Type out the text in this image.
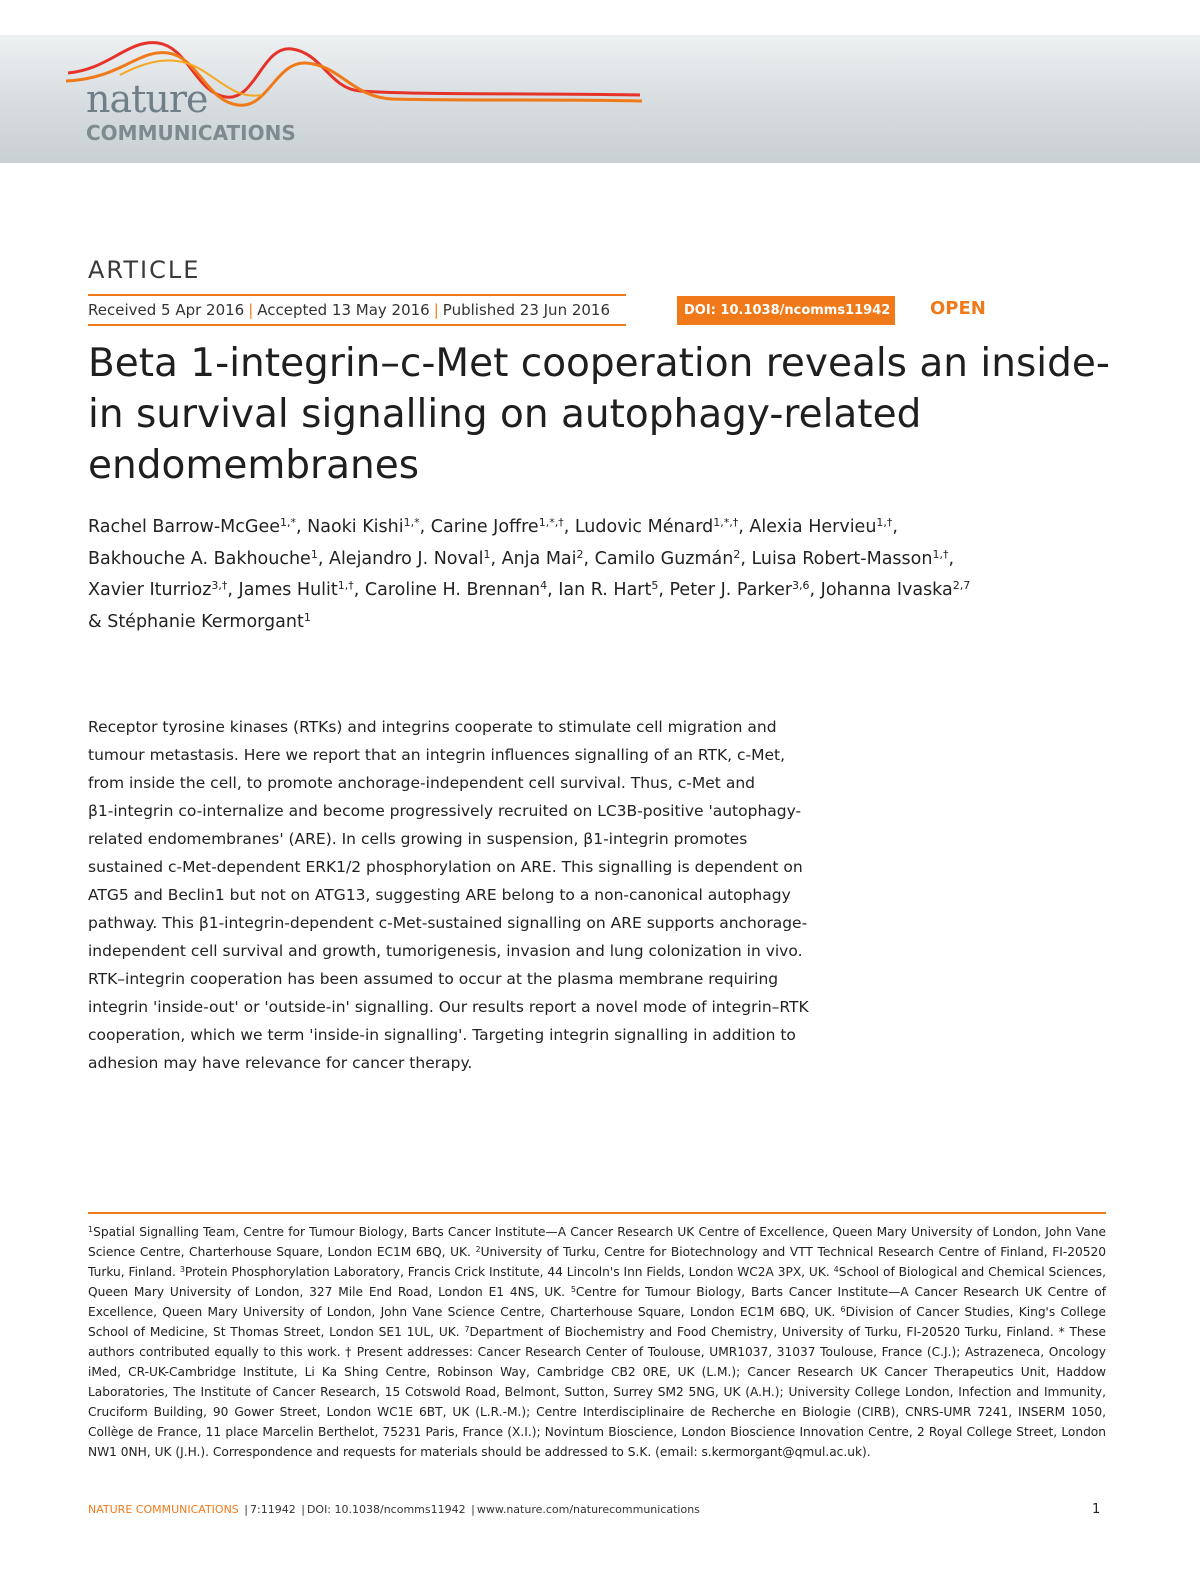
nature
COMMUNICATIONS
ARTICLE
Received 5 Apr 2016 | Accepted 13 May 2016 | Published 23 Jun 2016	DOI: 10.1038/ncomms11942 OPEN
Beta 1-integrin–c-Met cooperation reveals an inside-in survival signalling on autophagy-related endomembranes
Rachel Barrow-McGee$^{1,*}$, Naoki Kishi$^{1,*}$, Carine Joffre$^{1,*,\dagger}$, Ludovic Ménard$^{1,*,\dagger}$, Alexia Hervieu$^{1,\dagger}$,
Bakhouche A. Bakhouche$^1$, Alejandro J. Noval$^1$, Anja Mai$^2$, Camilo Guzmán$^2$, Luisa Robert-Masson$^{1,\dagger}$,
Xavier Iturrioz$^{3,\dagger}$, James Hulit$^{1,\dagger}$, Caroline H. Brennan$^4$, Ian R. Hart$^5$, Peter J. Parker$^{3,6}$, Johanna Ivaska$^{2,7}$
& Stéphanie Kermorgant$^1$
Receptor tyrosine kinases (RTKs) and integrins cooperate to stimulate cell migration and
tumour metastasis. Here we report that an integrin influences signalling of an RTK, c-Met,
from inside the cell, to promote anchorage-independent cell survival. Thus, c-Met and
β1-integrin co-internalize and become progressively recruited on LC3B-positive 'autophagy-
related endomembranes' (ARE). In cells growing in suspension, β1-integrin promotes
sustained c-Met-dependent ERK1/2 phosphorylation on ARE. This signalling is dependent on
ATG5 and Beclin1 but not on ATG13, suggesting ARE belong to a non-canonical autophagy
pathway. This β1-integrin-dependent c-Met-sustained signalling on ARE supports anchorage-
independent cell survival and growth, tumorigenesis, invasion and lung colonization in vivo.
RTK–integrin cooperation has been assumed to occur at the plasma membrane requiring
integrin 'inside-out' or 'outside-in' signalling. Our results report a novel mode of integrin–RTK
cooperation, which we term 'inside-in signalling'. Targeting integrin signalling in addition to
adhesion may have relevance for cancer therapy.
$^1$Spatial Signalling Team, Centre for Tumour Biology, Barts Cancer Institute—A Cancer Research UK Centre of Excellence, Queen Mary University of London, John Vane Science Centre, Charterhouse Square, London EC1M 6BQ, UK. $^2$University of Turku, Centre for Biotechnology and VTT Technical Research Centre of Finland, FI-20520 Turku, Finland. $^3$Protein Phosphorylation Laboratory, Francis Crick Institute, 44 Lincoln's Inn Fields, London WC2A 3PX, UK. $^4$School of Biological and Chemical Sciences, Queen Mary University of London, 327 Mile End Road, London E1 4NS, UK. $^5$Centre for Tumour Biology, Barts Cancer Institute—A Cancer Research UK Centre of Excellence, Queen Mary University of London, John Vane Science Centre, Charterhouse Square, London EC1M 6BQ, UK. $^6$Division of Cancer Studies, King's College School of Medicine, St Thomas Street, London SE1 1UL, UK. $^7$Department of Biochemistry and Food Chemistry, University of Turku, FI-20520 Turku, Finland. * These authors contributed equally to this work. † Present addresses: Cancer Research Center of Toulouse, UMR1037, 31037 Toulouse, France (C.J.); Astrazeneca, Oncology iMed, CR-UK-Cambridge Institute, Li Ka Shing Centre, Robinson Way, Cambridge CB2 0RE, UK (L.M.); Cancer Research UK Cancer Therapeutics Unit, Haddow Laboratories, The Institute of Cancer Research, 15 Cotswold Road, Belmont, Sutton, Surrey SM2 5NG, UK (A.H.); University College London, Infection and Immunity, Cruciform Building, 90 Gower Street, London WC1E 6BT, UK (L.R.-M.); Centre Interdisciplinaire de Recherche en Biologie (CIRB), CNRS-UMR 7241, INSERM 1050, Collège de France, 11 place Marcelin Berthelot, 75231 Paris, France (X.I.); Novintum Bioscience, London Bioscience Innovation Centre, 2 Royal College Street, London NW1 0NH, UK (J.H.). Correspondence and requests for materials should be addressed to S.K. (email: s.kermorgant@qmul.ac.uk).
NATURE COMMUNICATIONS | 7:11942 | DOI: 10.1038/ncomms11942 | www.nature.com/naturecommunications	1
